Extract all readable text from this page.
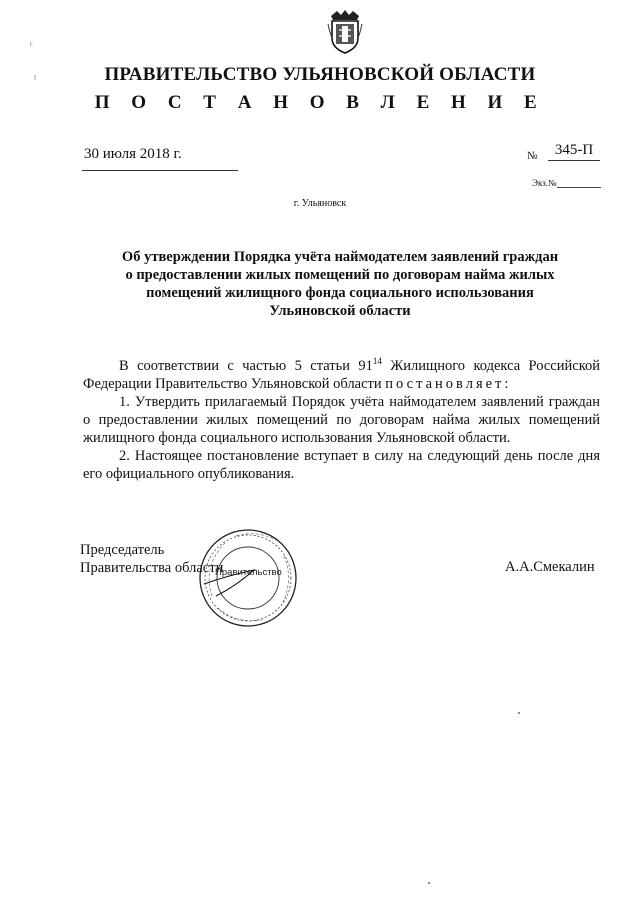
ПРАВИТЕЛЬСТВО УЛЬЯНОВСКОЙ ОБЛАСТИ
П О С Т А Н О В Л Е Н И Е
30 июля 2018 г.	№	345-П
Экз.№
г. Ульяновск
Об утверждении Порядка учёта наймодателем заявлений граждан
о предоставлении жилых помещений по договорам найма жилых
помещений жилищного фонда социального использования
Ульяновской области

В соответствии с частью 5 статьи $91^{14}$ Жилищного кодекса Российской Федерации Правительство Ульяновской области постановляет:

1. Утвердить прилагаемый Порядок учёта наймодателем заявлений граждан о предоставлении жилых помещений по договорам найма жилых помещений жилищного фонда социального использования Ульяновской области.

2. Настоящее постановление вступает в силу на следующий день после дня его официального опубликования.

Председатель
Правительства области
Правительство	А.А.Смекалин
ᶜ
ᶠ
